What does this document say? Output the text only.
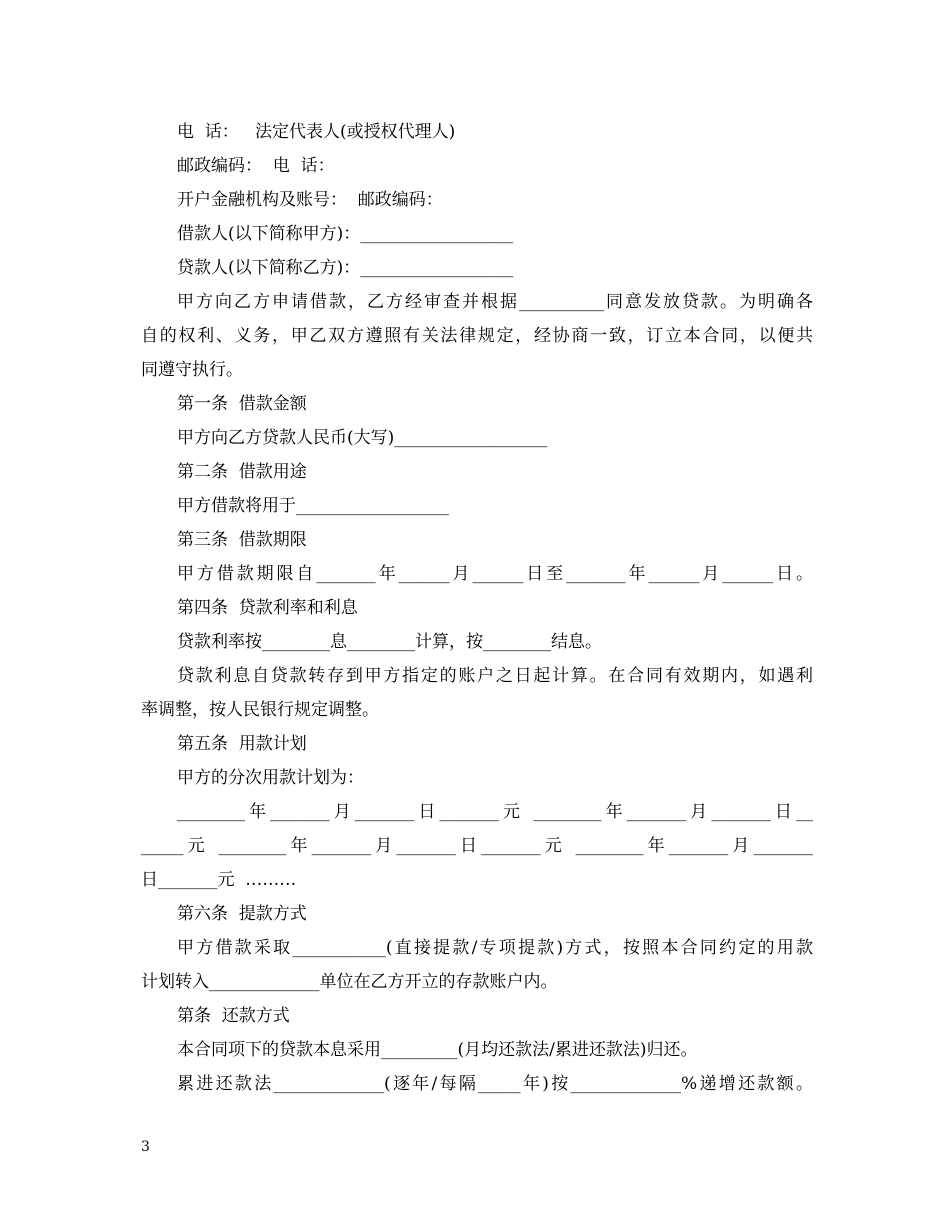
电  话：   法定代表人(或授权代理人)
邮政编码：  电  话：
开户金融机构及账号：  邮政编码：
借款人(以下简称甲方)：__________________
贷款人(以下简称乙方)：__________________
甲方向乙方申请借款，乙方经审查并根据__________同意发放贷款。为明确各
自的权利、义务，甲乙双方遵照有关法律规定，经协商一致，订立本合同，以便共
同遵守执行。
第一条  借款金额
甲方向乙方贷款人民币(大写)__________________
第二条  借款用途
甲方借款将用于__________________
第三条  借款期限
甲方借款期限自_______年______月______日至_______年______月______日。
第四条  贷款利率和利息
贷款利率按________息________计算，按________结息。
贷款利息自贷款转存到甲方指定的账户之日起计算。在合同有效期内，如遇利
率调整，按人民银行规定调整。
第五条  用款计划
甲方的分次用款计划为：
________年_______月_______日_______元 ________年_______月_______日__
_____元 ________年_______月_______日_______元 ________年_______月_______
日_______元  ………
第六条  提款方式
甲方借款采取___________(直接提款/专项提款)方式，按照本合同约定的用款
计划转入_____________单位在乙方开立的存款账户内。
第条  还款方式
本合同项下的贷款本息采用_________(月均还款法/累进还款法)归还。
累进还款法_____________(逐年/每隔_____年)按_____________%递增还款额。
3
